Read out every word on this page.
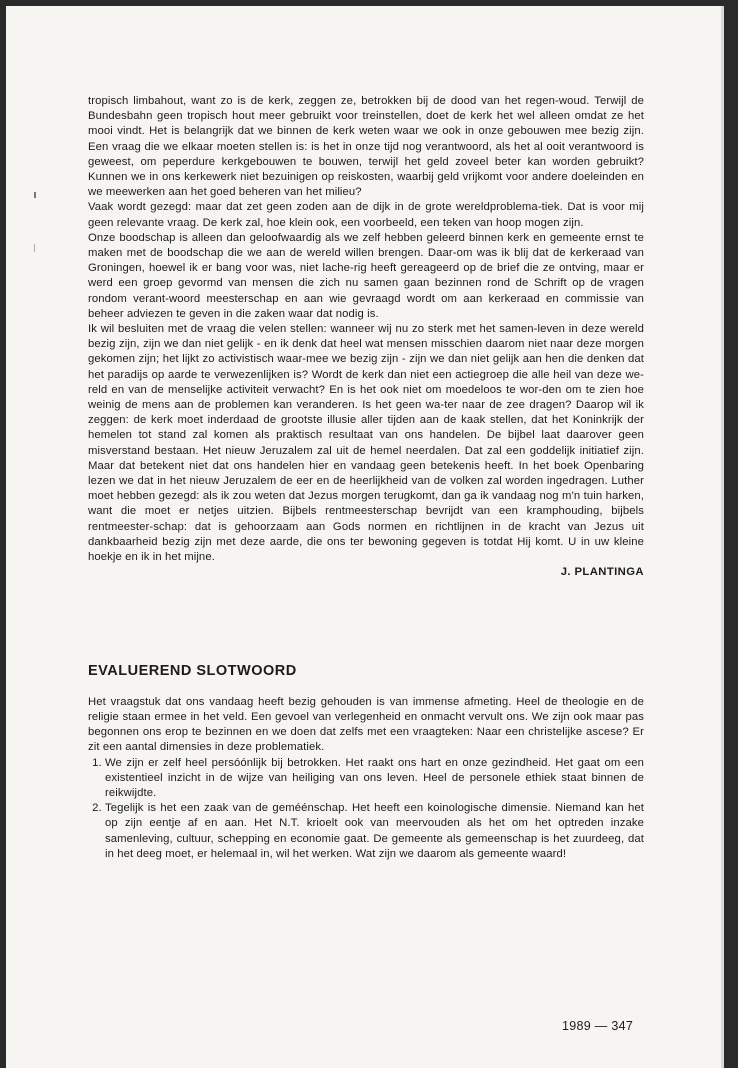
tropisch limbahout, want zo is de kerk, zeggen ze, betrokken bij de dood van het regen-woud. Terwijl de Bundesbahn geen tropisch hout meer gebruikt voor treinstellen, doet de kerk het wel alleen omdat ze het mooi vindt. Het is belangrijk dat we binnen de kerk weten waar we ook in onze gebouwen mee bezig zijn. Een vraag die we elkaar moeten stellen is: is het in onze tijd nog verantwoord, als het al ooit verantwoord is geweest, om peperdure kerkgebouwen te bouwen, terwijl het geld zoveel beter kan worden gebruikt? Kunnen we in ons kerkewerk niet bezuinigen op reiskosten, waarbij geld vrijkomt voor andere doeleinden en we meewerken aan het goed beheren van het milieu?

Vaak wordt gezegd: maar dat zet geen zoden aan de dijk in de grote wereldproblema-tiek. Dat is voor mij geen relevante vraag. De kerk zal, hoe klein ook, een voorbeeld, een teken van hoop mogen zijn.

Onze boodschap is alleen dan geloofwaardig als we zelf hebben geleerd binnen kerk en gemeente ernst te maken met de boodschap die we aan de wereld willen brengen. Daar-om was ik blij dat de kerkeraad van Groningen, hoewel ik er bang voor was, niet lache-rig heeft gereageerd op de brief die ze ontving, maar er werd een groep gevormd van mensen die zich nu samen gaan bezinnen rond de Schrift op de vragen rondom verant-woord meesterschap en aan wie gevraagd wordt om aan kerkeraad en commissie van beheer adviezen te geven in die zaken waar dat nodig is.

Ik wil besluiten met de vraag die velen stellen: wanneer wij nu zo sterk met het samen-leven in deze wereld bezig zijn, zijn we dan niet gelijk - en ik denk dat heel wat mensen misschien daarom niet naar deze morgen gekomen zijn; het lijkt zo activistisch waar-mee we bezig zijn - zijn we dan niet gelijk aan hen die denken dat het paradijs op aarde te verwezenlijken is? Wordt de kerk dan niet een actiegroep die alle heil van deze we-reld en van de menselijke activiteit verwacht? En is het ook niet om moedeloos te wor-den om te zien hoe weinig de mens aan de problemen kan veranderen. Is het geen wa-ter naar de zee dragen? Daarop wil ik zeggen: de kerk moet inderdaad de grootste illusie aller tijden aan de kaak stellen, dat het Koninkrijk der hemelen tot stand zal komen als praktisch resultaat van ons handelen. De bijbel laat daarover geen misverstand bestaan. Het nieuw Jeruzalem zal uit de hemel neerdalen. Dat zal een goddelijk initiatief zijn. Maar dat betekent niet dat ons handelen hier en vandaag geen betekenis heeft. In het boek Openbaring lezen we dat in het nieuw Jeruzalem de eer en de heerlijkheid van de volken zal worden ingedragen. Luther moet hebben gezegd: als ik zou weten dat Jezus morgen terugkomt, dan ga ik vandaag nog m'n tuin harken, want die moet er netjes uitzien. Bijbels rentmeesterschap bevrijdt van een kramphouding, bijbels rentmeester-schap: dat is gehoorzaam aan Gods normen en richtlijnen in de kracht van Jezus uit dankbaarheid bezig zijn met deze aarde, die ons ter bewoning gegeven is totdat Hij komt. U in uw kleine hoekje en ik in het mijne.

J. PLANTINGA

EVALUEREND SLOTWOORD

Het vraagstuk dat ons vandaag heeft bezig gehouden is van immense afmeting. Heel de theologie en de religie staan ermee in het veld. Een gevoel van verlegenheid en onmacht vervult ons. We zijn ook maar pas begonnen ons erop te bezinnen en we doen dat zelfs met een vraagteken: Naar een christelijke ascese? Er zit een aantal dimensies in deze problematiek.

1. We zijn er zelf heel persóónlijk bij betrokken. Het raakt ons hart en onze gezindheid. Het gaat om een existentieel inzicht in de wijze van heiliging van ons leven. Heel de personele ethiek staat binnen de reikwijdte.
2. Tegelijk is het een zaak van de geméénschap. Het heeft een koinologische dimensie. Niemand kan het op zijn eentje af en aan. Het N.T. krioelt ook van meervouden als het om het optreden inzake samenleving, cultuur, schepping en economie gaat. De gemeente als gemeenschap is het zuurdeeg, dat in het deeg moet, er helemaal in, wil het werken. Wat zijn we daarom als gemeente waard!
1989 — 347
